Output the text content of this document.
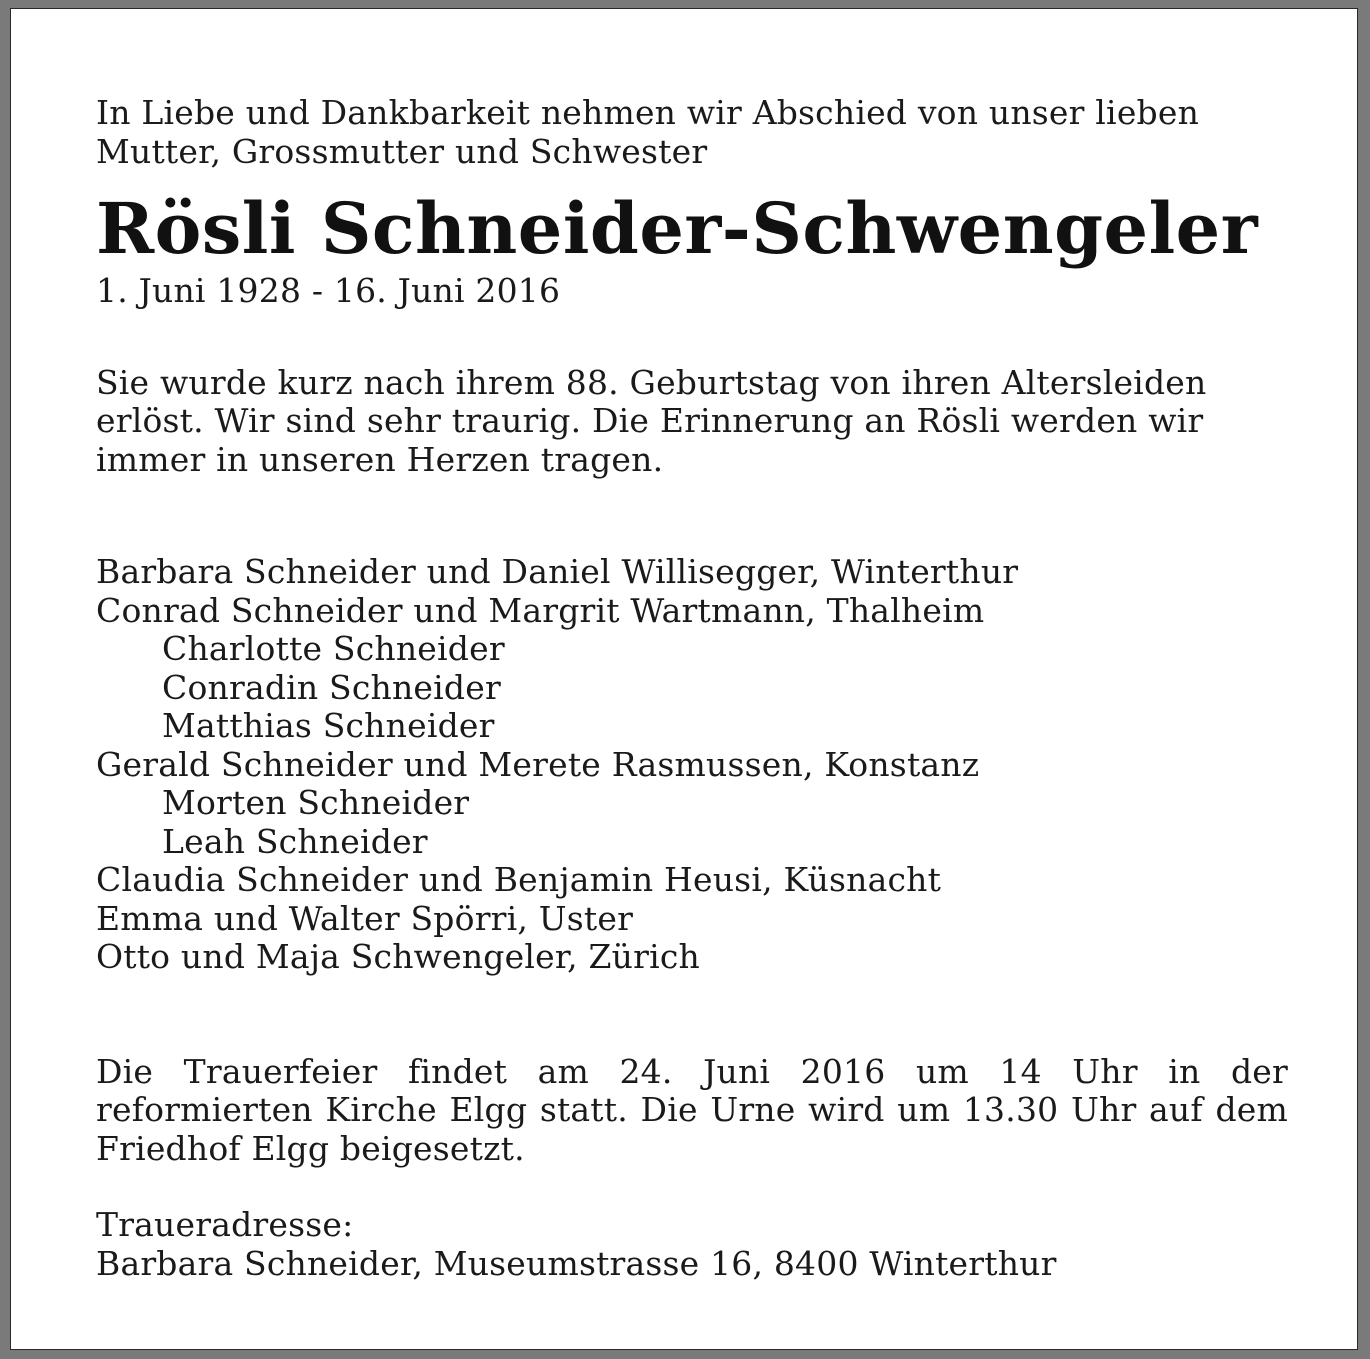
In Liebe und Dankbarkeit nehmen wir Abschied von unser lieben
Mutter, Grossmutter und Schwester

Rösli Schneider-Schwengeler

1. Juni 1928 - 16. Juni 2016

Sie wurde kurz nach ihrem 88. Geburtstag von ihren Altersleiden
erlöst. Wir sind sehr traurig. Die Erinnerung an Rösli werden wir
immer in unseren Herzen tragen.

Barbara Schneider und Daniel Willisegger, Winterthur
Conrad Schneider und Margrit Wartmann, Thalheim
Charlotte Schneider
Conradin Schneider
Matthias Schneider
Gerald Schneider und Merete Rasmussen, Konstanz
Morten Schneider
Leah Schneider
Claudia Schneider und Benjamin Heusi, Küsnacht
Emma und Walter Spörri, Uster
Otto und Maja Schwengeler, Zürich

Die Trauerfeier findet am 24. Juni 2016 um 14 Uhr in der reformierten Kirche Elgg statt. Die Urne wird um 13.30 Uhr auf dem Friedhof Elgg beigesetzt.

Traueradresse:
Barbara Schneider, Museumstrasse 16, 8400 Winterthur
